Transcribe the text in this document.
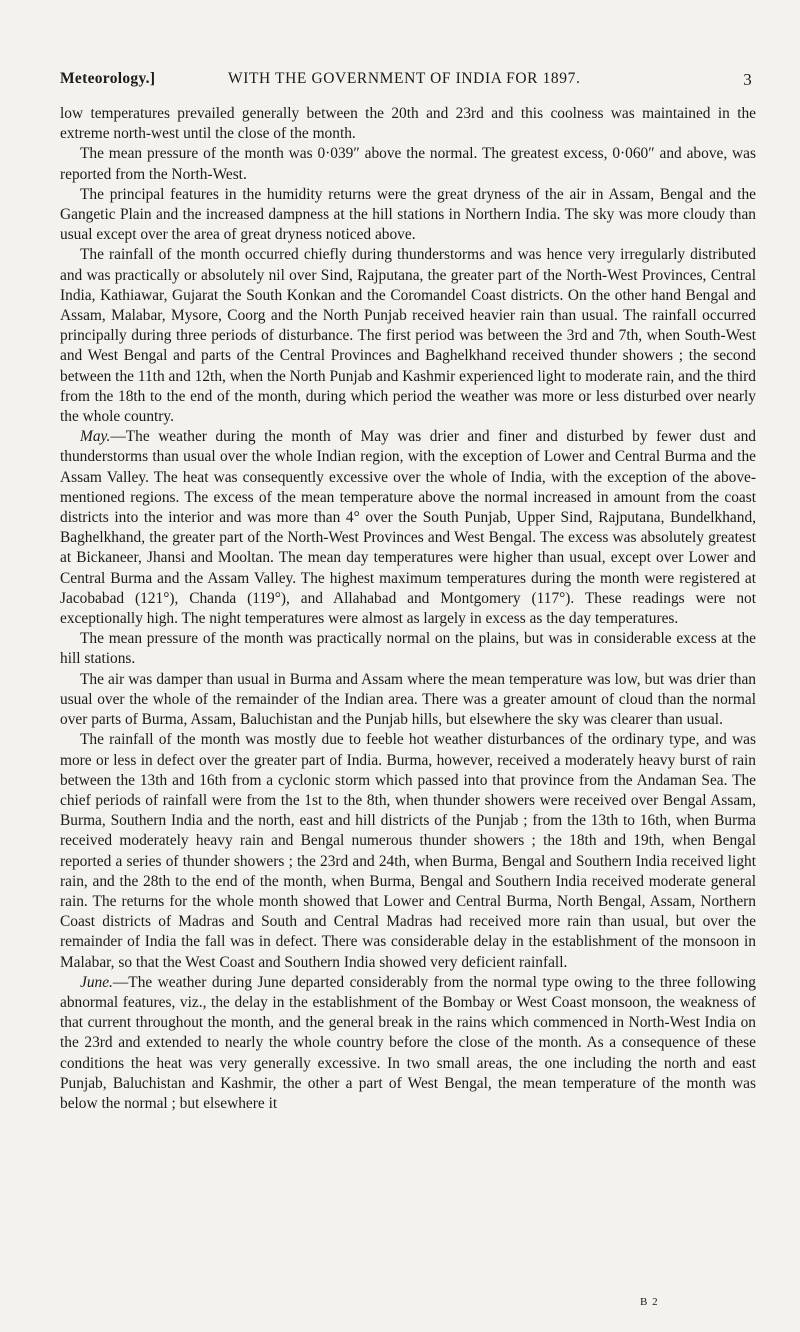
Meteorology.]	WITH THE GOVERNMENT OF INDIA FOR 1897.	3

low temperatures prevailed generally between the 20th and 23rd and this coolness was maintained in the extreme north-west until the close of the month.

The mean pressure of the month was 0·039″ above the normal. The greatest excess, 0·060″ and above, was reported from the North-West.

The principal features in the humidity returns were the great dryness of the air in Assam, Bengal and the Gangetic Plain and the increased dampness at the hill stations in Northern India. The sky was more cloudy than usual except over the area of great dryness noticed above.

The rainfall of the month occurred chiefly during thunderstorms and was hence very irregularly distributed and was practically or absolutely nil over Sind, Rajputana, the greater part of the North-West Provinces, Central India, Kathiawar, Gujarat the South Konkan and the Coromandel Coast districts. On the other hand Bengal and Assam, Malabar, Mysore, Coorg and the North Punjab received heavier rain than usual. The rainfall occurred principally during three periods of disturbance. The first period was between the 3rd and 7th, when South-West and West Bengal and parts of the Central Provinces and Baghelkhand received thunder showers ; the second between the 11th and 12th, when the North Punjab and Kashmir experienced light to moderate rain, and the third from the 18th to the end of the month, during which period the weather was more or less disturbed over nearly the whole country.

May.—The weather during the month of May was drier and finer and disturbed by fewer dust and thunderstorms than usual over the whole Indian region, with the exception of Lower and Central Burma and the Assam Valley. The heat was consequently excessive over the whole of India, with the exception of the above-mentioned regions. The excess of the mean temperature above the normal increased in amount from the coast districts into the interior and was more than 4° over the South Punjab, Upper Sind, Rajputana, Bundelkhand, Baghelkhand, the greater part of the North-West Provinces and West Bengal. The excess was absolutely greatest at Bickaneer, Jhansi and Mooltan. The mean day temperatures were higher than usual, except over Lower and Central Burma and the Assam Valley. The highest maximum temperatures during the month were registered at Jacobabad (121°), Chanda (119°), and Allahabad and Montgomery (117°). These readings were not exceptionally high. The night temperatures were almost as largely in excess as the day temperatures.

The mean pressure of the month was practically normal on the plains, but was in considerable excess at the hill stations.

The air was damper than usual in Burma and Assam where the mean temperature was low, but was drier than usual over the whole of the remainder of the Indian area. There was a greater amount of cloud than the normal over parts of Burma, Assam, Baluchistan and the Punjab hills, but elsewhere the sky was clearer than usual.

The rainfall of the month was mostly due to feeble hot weather disturbances of the ordinary type, and was more or less in defect over the greater part of India. Burma, however, received a moderately heavy burst of rain between the 13th and 16th from a cyclonic storm which passed into that province from the Andaman Sea. The chief periods of rainfall were from the 1st to the 8th, when thunder showers were received over Bengal Assam, Burma, Southern India and the north, east and hill districts of the Punjab ; from the 13th to 16th, when Burma received moderately heavy rain and Bengal numerous thunder showers ; the 18th and 19th, when Bengal reported a series of thunder showers ; the 23rd and 24th, when Burma, Bengal and Southern India received light rain, and the 28th to the end of the month, when Burma, Bengal and Southern India received moderate general rain. The returns for the whole month showed that Lower and Central Burma, North Bengal, Assam, Northern Coast districts of Madras and South and Central Madras had received more rain than usual, but over the remainder of India the fall was in defect. There was considerable delay in the establishment of the monsoon in Malabar, so that the West Coast and Southern India showed very deficient rainfall.

June.—The weather during June departed considerably from the normal type owing to the three following abnormal features, viz., the delay in the establishment of the Bombay or West Coast monsoon, the weakness of that current throughout the month, and the general break in the rains which commenced in North-West India on the 23rd and extended to nearly the whole country before the close of the month. As a consequence of these conditions the heat was very generally excessive. In two small areas, the one including the north and east Punjab, Baluchistan and Kashmir, the other a part of West Bengal, the mean temperature of the month was below the normal ; but elsewhere it

B 2
